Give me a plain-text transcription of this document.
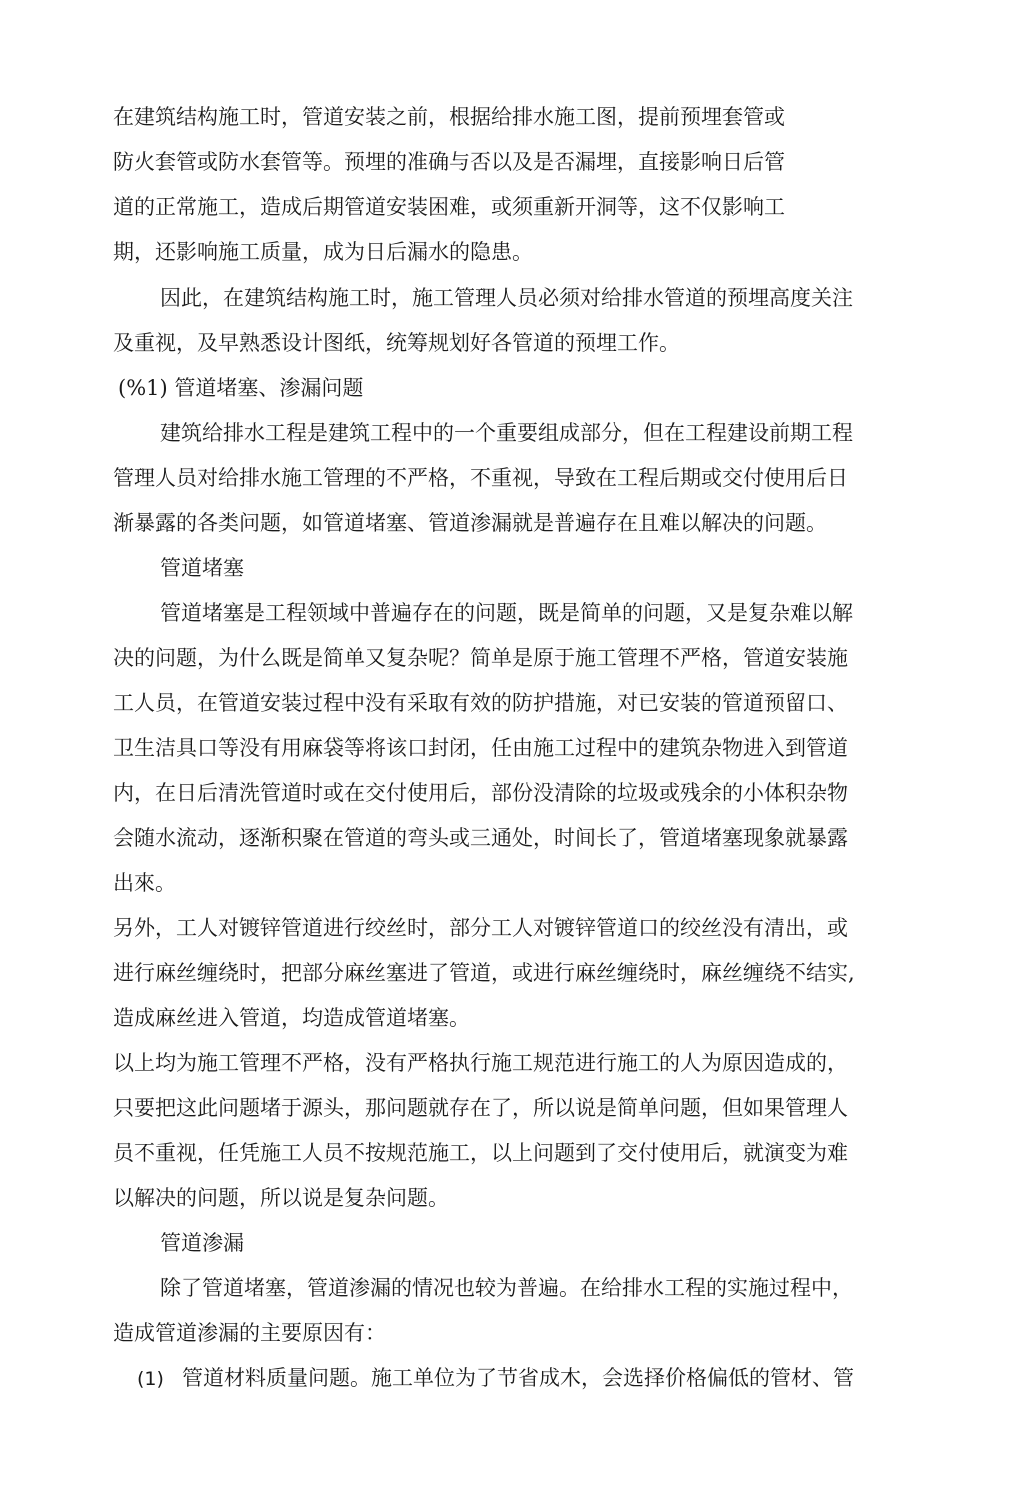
在建筑结构施工时，管道安装之前，根据给排水施工图，提前预埋套管或
防火套管或防水套管等。预埋的准确与否以及是否漏埋，直接影响日后管
道的正常施工，造成后期管道安装困难，或须重新开洞等，这不仅影响工
期，还影响施工质量，成为日后漏水的隐患。
因此，在建筑结构施工时，施工管理人员必须对给排水管道的预埋高度关注
及重视，及早熟悉设计图纸，统筹规划好各管道的预埋工作。
(%1) 管道堵塞、渗漏问题
建筑给排水工程是建筑工程中的一个重要组成部分，但在工程建设前期工程
管理人员对给排水施工管理的不严格，不重视，导致在工程后期或交付使用后日
渐暴露的各类问题，如管道堵塞、管道渗漏就是普遍存在且难以解决的问题。
管道堵塞
管道堵塞是工程领域中普遍存在的问题，既是简单的问题，又是复杂难以解
决的问题，为什么既是简单又复杂呢？简单是原于施工管理不严格，管道安装施
工人员，在管道安装过程中没有采取有效的防护措施，对已安装的管道预留口、
卫生洁具口等没有用麻袋等将该口封闭，任由施工过程中的建筑杂物进入到管道
内，在日后清洗管道时或在交付使用后，部份没清除的垃圾或残余的小体积杂物
会随水流动，逐渐积聚在管道的弯头或三通处，时间长了，管道堵塞现象就暴露
出來。
另外，工人对镀锌管道进行绞丝时，部分工人对镀锌管道口的绞丝没有清出，或
进行麻丝缠绕时，把部分麻丝塞进了管道，或进行麻丝缠绕时，麻丝缠绕不结实,
造成麻丝进入管道，均造成管道堵塞。
以上均为施工管理不严格，没有严格执行施工规范进行施工的人为原因造成的，
只要把这此问题堵于源头，那问题就存在了，所以说是简单问题，但如果管理人
员不重视，任凭施工人员不按规范施工，以上问题到了交付使用后，就演变为难
以解决的问题，所以说是复杂问题。
管道渗漏
除了管道堵塞，管道渗漏的情况也较为普遍。在给排水工程的实施过程中，
造成管道渗漏的主要原因有：
(1) 管道材料质量问题。施工单位为了节省成木，会选择价格偏低的管材、管
